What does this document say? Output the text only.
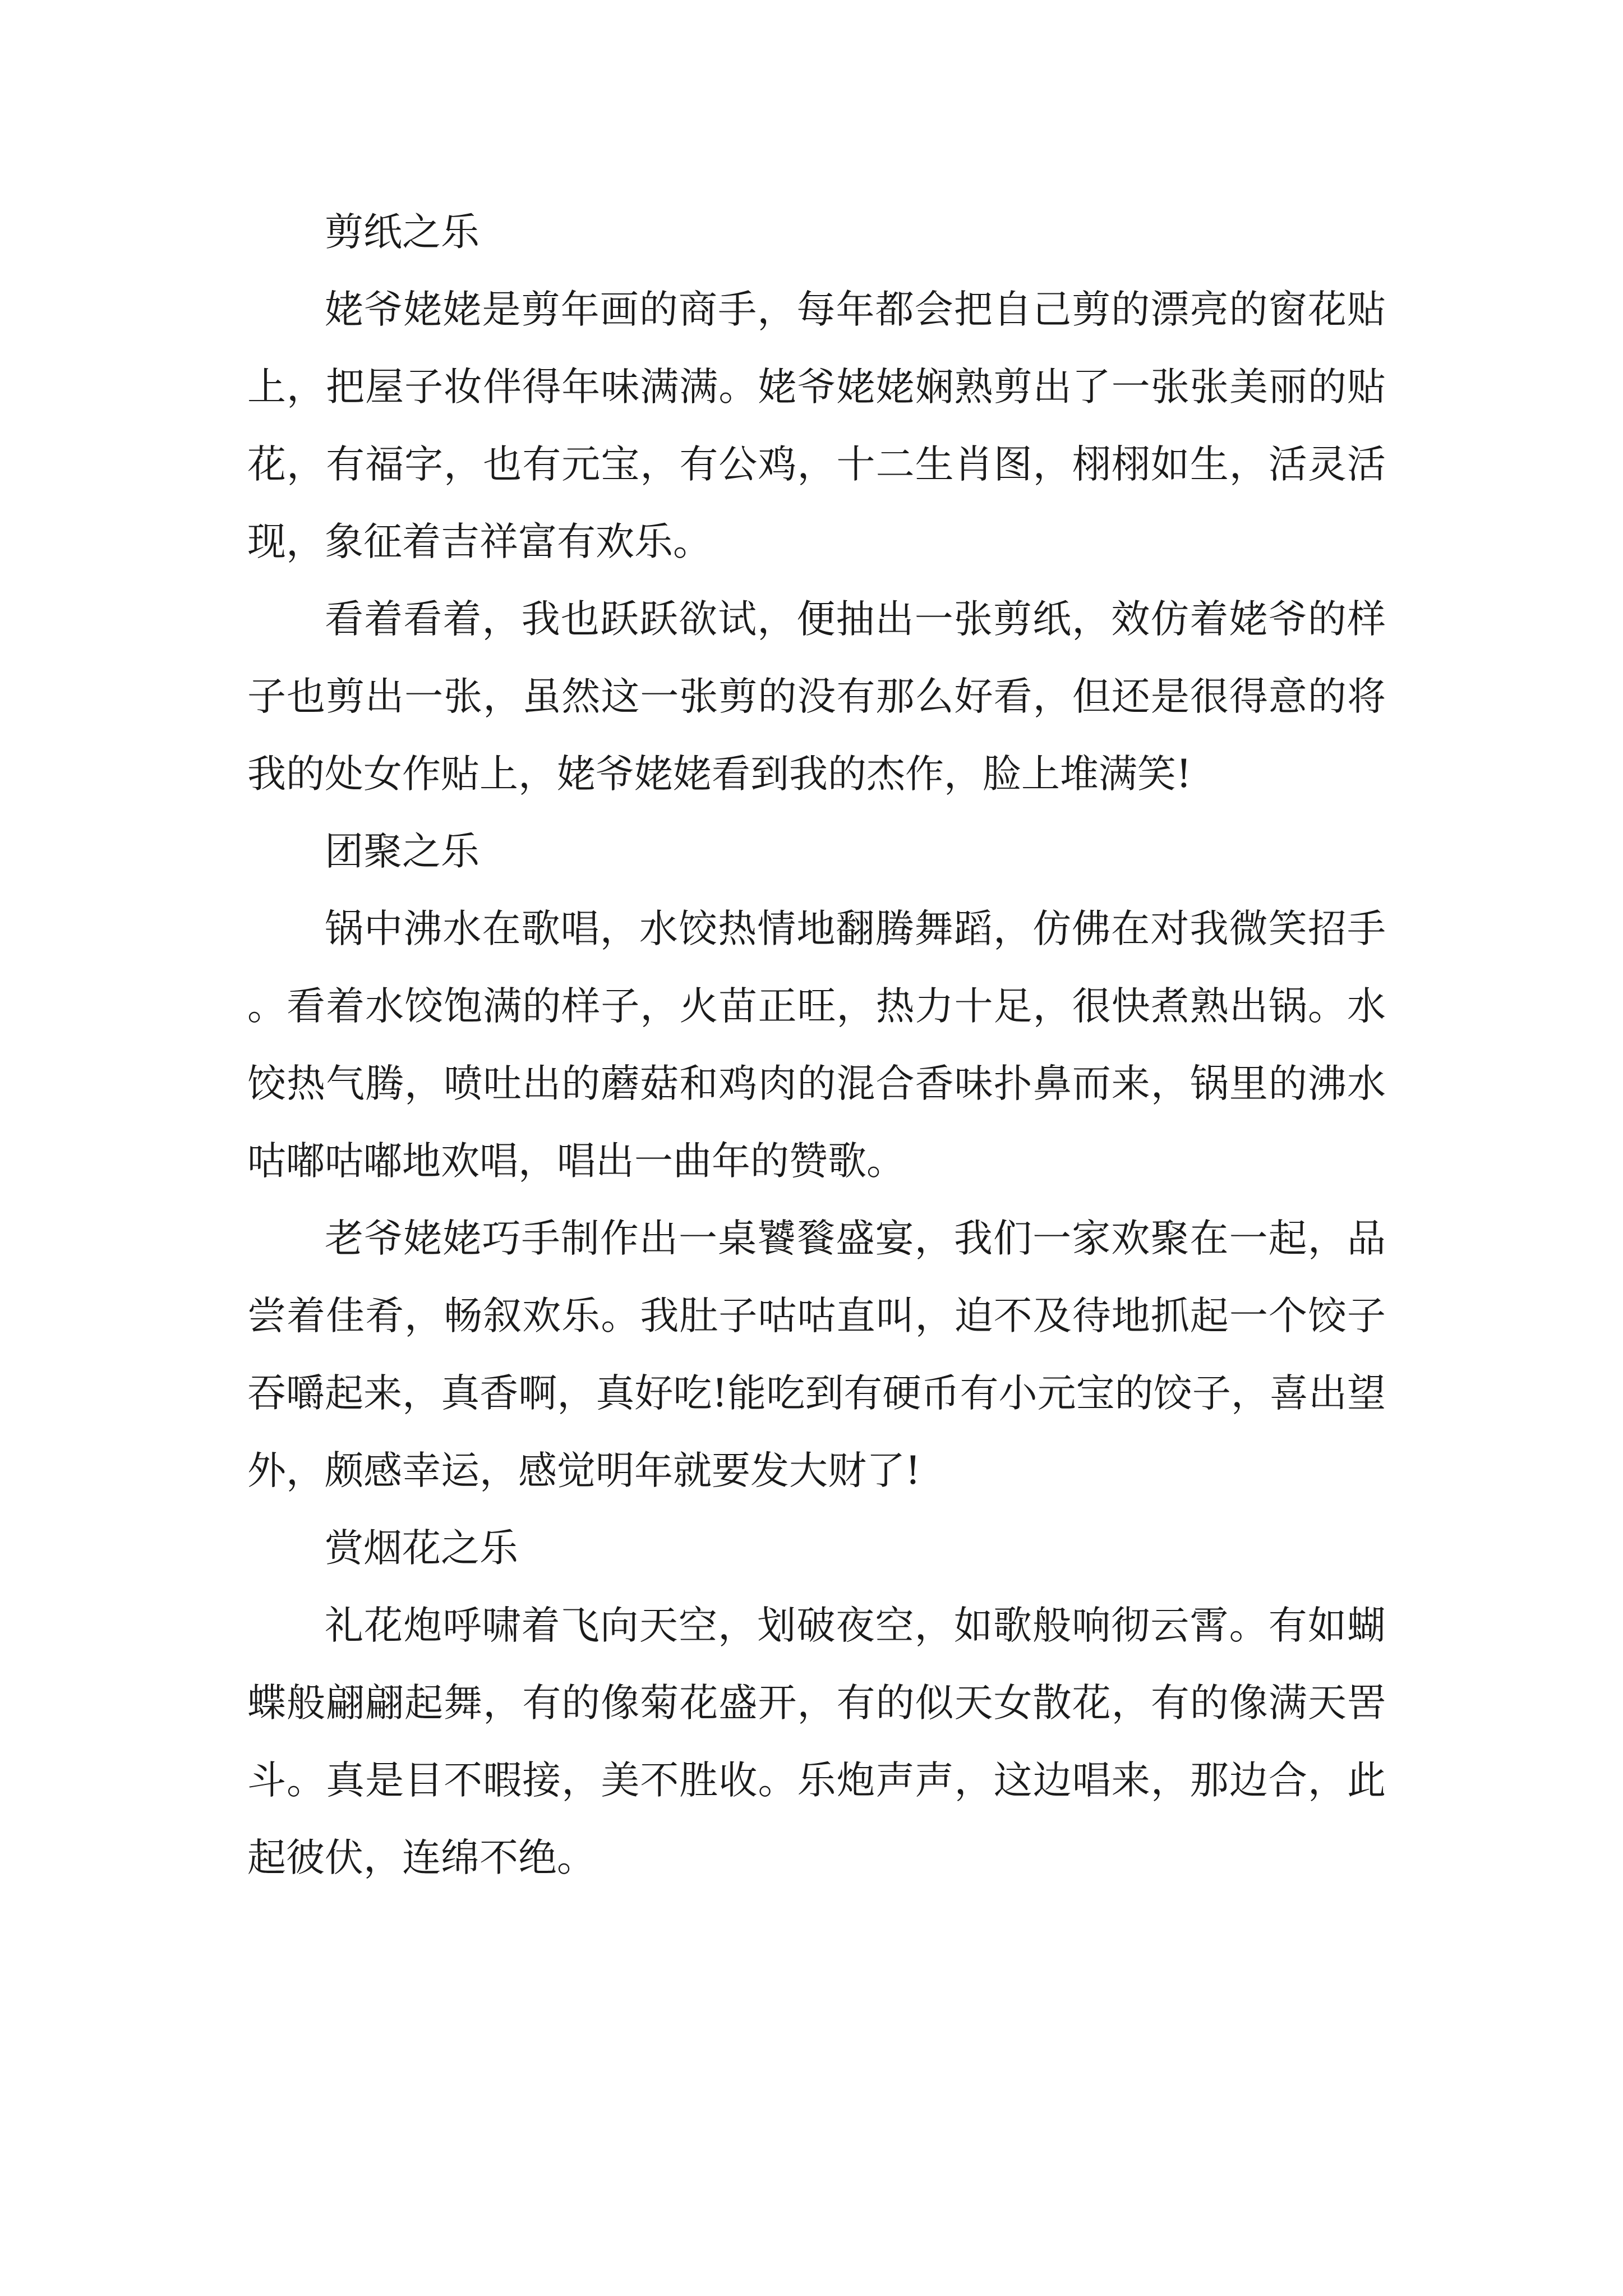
剪纸之乐

姥爷姥姥是剪年画的商手，每年都会把自己剪的漂亮的窗花贴上，把屋子妆伴得年味满满。姥爷姥姥娴熟剪出了一张张美丽的贴花，有福字，也有元宝，有公鸡，十二生肖图，栩栩如生，活灵活现，象征着吉祥富有欢乐。

看着看着，我也跃跃欲试，便抽出一张剪纸，效仿着姥爷的样子也剪出一张，虽然这一张剪的没有那么好看，但还是很得意的将我的处女作贴上，姥爷姥姥看到我的杰作，脸上堆满笑!

团聚之乐

锅中沸水在歌唱，水饺热情地翻腾舞蹈，仿佛在对我微笑招手。看着水饺饱满的样子，火苗正旺，热力十足，很快煮熟出锅。水饺热气腾，喷吐出的蘑菇和鸡肉的混合香味扑鼻而来，锅里的沸水咕嘟咕嘟地欢唱，唱出一曲年的赞歌。

老爷姥姥巧手制作出一桌饕餮盛宴，我们一家欢聚在一起，品尝着佳肴，畅叙欢乐。我肚子咕咕直叫，迫不及待地抓起一个饺子吞嚼起来，真香啊，真好吃!能吃到有硬币有小元宝的饺子，喜出望外，颇感幸运，感觉明年就要发大财了!

赏烟花之乐

礼花炮呼啸着飞向天空，划破夜空，如歌般响彻云霄。有如蝴蝶般翩翩起舞，有的像菊花盛开，有的似天女散花，有的像满天罟斗。真是目不暇接，美不胜收。乐炮声声，这边唱来，那边合，此起彼伏，连绵不绝。
